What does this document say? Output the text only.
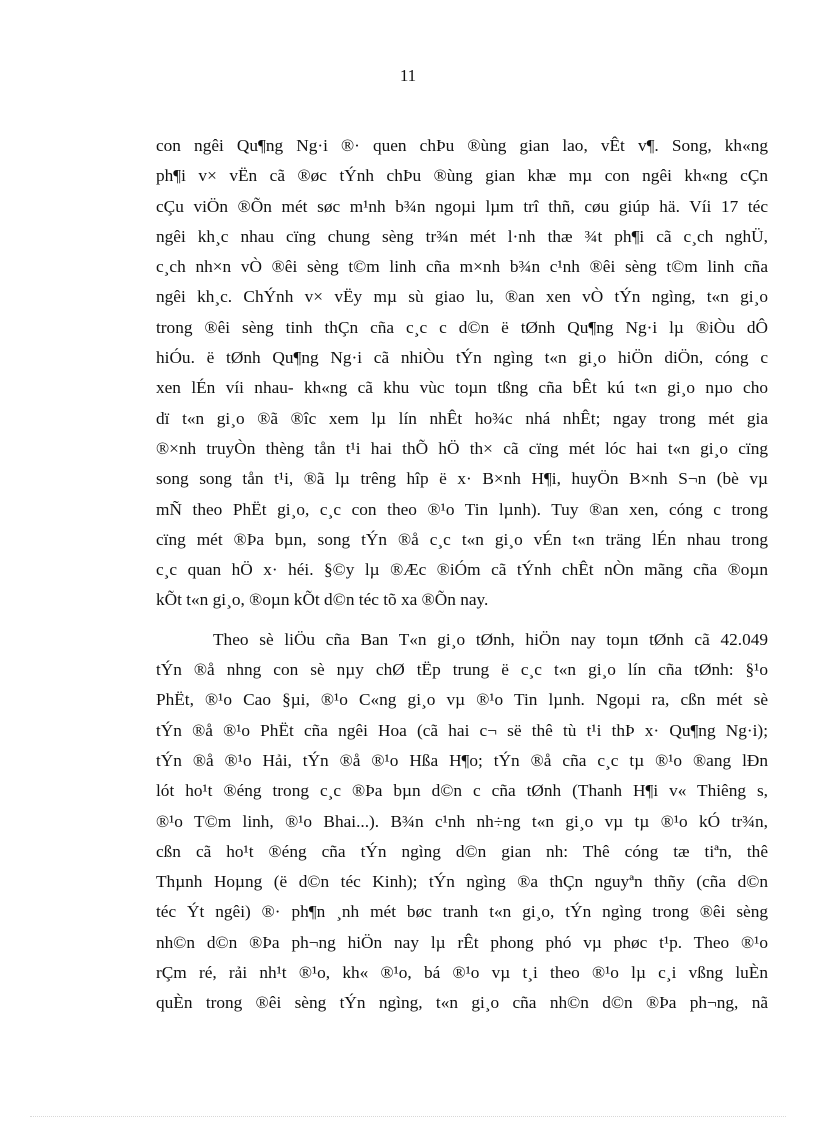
11
con ngêi Qu¶ng Ng·i ®· quen chÞu ®ùng gian lao, vÊt v¶. Song, kh«ng
ph¶i v× vËn cã ®øc tÝnh chÞu ®ùng gian khæ mµ con ngêi kh«ng cÇn
cÇu viÖn ®Õn mét søc m¹nh b¾n ngoµi lµm trî thñ, cøu giúp hä. Víi 17 téc
ngêi kh¸c nhau cïng chung sèng tr¾n mét l·nh thæ ¾t ph¶i cã c¸ch nghÜ,
c¸ch nh×n vÒ ®êi sèng t©m linh cña m×nh b¾n c¹nh ®êi sèng t©m linh cña
ngêi kh¸c. ChÝnh v× vËy mµ sù giao lu, ®an xen vÒ tÝn ngìng, t«n gi¸o
trong ®êi sèng tinh thÇn cña c¸c c d©n ë tØnh Qu¶ng Ng·i lµ ®iÒu dÔ
hiÓu. ë tØnh Qu¶ng Ng·i cã nhiÒu tÝn ngìng t«n gi¸o hiÖn diÖn, cóng c
xen lÉn víi nhau- kh«ng cã khu vùc toµn tßng cña bÊt kú t«n gi¸o nµo cho
dï t«n gi¸o ®ã ®îc xem lµ lín nhÊt ho¾c nhá nhÊt; ngay trong mét gia
®×nh truyÒn thèng tån t¹i hai thÕ hÖ th× cã cïng mét lóc hai t«n gi¸o cïng
song song tån t¹i, ®ã lµ trêng hîp ë x· B×nh H¶i, huyÖn B×nh S¬n (bè vµ
mÑ theo PhËt gi¸o, c¸c con theo ®¹o Tin lµnh). Tuy ®an xen, cóng c trong
cïng mét ®Þa bµn, song tÝn ®å c¸c t«n gi¸o vÉn t«n träng lÉn nhau trong
c¸c quan hÖ x· héi. §©y lµ ®Æc ®iÓm cã tÝnh chÊt nÒn mãng cña ®oµn
kÕt t«n gi¸o, ®oµn kÕt d©n téc tõ xa ®Õn nay.
Theo sè liÖu cña Ban T«n gi¸o tØnh, hiÖn nay toµn tØnh cã 42.049
tÝn ®å nhng con sè nµy chØ tËp trung ë c¸c t«n gi¸o lín cña tØnh: §¹o
PhËt, ®¹o Cao §µi, ®¹o C«ng gi¸o vµ ®¹o Tin lµnh. Ngoµi ra, cßn mét sè
tÝn ®å ®¹o PhËt cña ngêi Hoa (cã hai c¬ së thê tù t¹i thÞ x· Qu¶ng Ng·i);
tÝn ®å ®¹o Hải, tÝn ®å ®¹o Hßa H¶o; tÝn ®å cña c¸c tµ ®¹o ®ang lÐn
lót ho¹t ®éng trong c¸c ®Þa bµn d©n c cña tØnh (Thanh H¶i v« Thiêng s,
®¹o T©m linh, ®¹o Bhai...). B¾n c¹nh nh÷ng t«n gi¸o vµ tµ ®¹o kÓ tr¾n,
cßn cã ho¹t ®éng cña tÝn ngìng d©n gian nh: Thê cóng tæ tiªn, thê
Thµnh Hoµng (ë d©n téc Kinh); tÝn ngìng ®a thÇn nguyªn thñy (cña d©n
téc Ýt ngêi) ®· ph¶n ¸nh mét bøc tranh t«n gi¸o, tÝn ngìng trong ®êi sèng
nh©n d©n ®Þa ph¬ng hiÖn nay lµ rÊt phong phó vµ phøc t¹p. Theo ®¹o
rÇm ré, rải nh¹t ®¹o, kh« ®¹o, bá ®¹o vµ t¸i theo ®¹o lµ c¸i vßng luÈn
quÈn trong ®êi sèng tÝn ngìng, t«n gi¸o cña nh©n d©n ®Þa ph¬ng, nã
